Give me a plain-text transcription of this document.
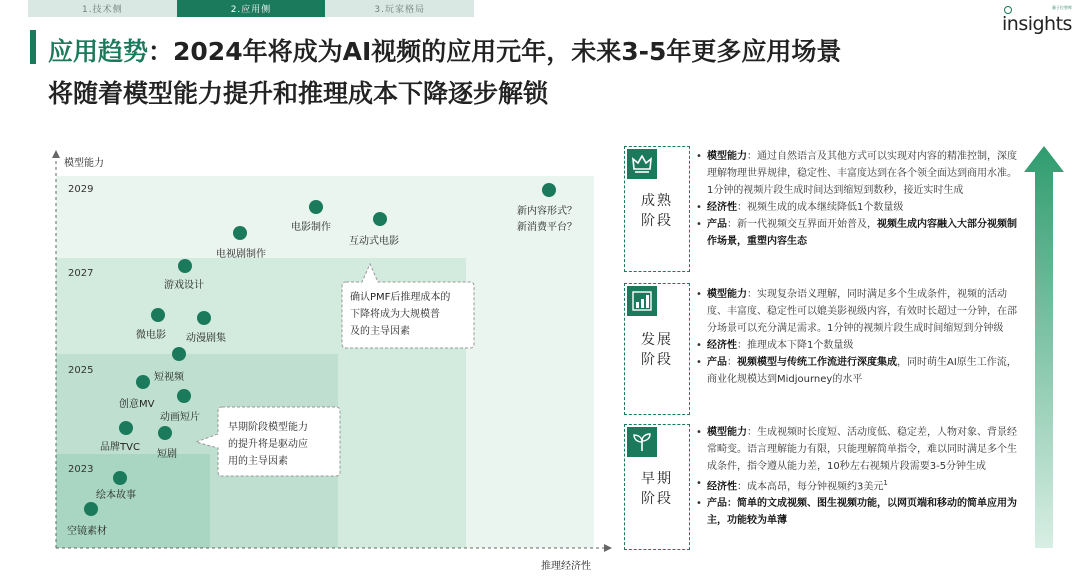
1.技术侧	2.应用侧	3.玩家格局	量子位智库
insights
应用趋势：2024年将成为AI视频的应用元年，未来3-5年更多应用场景
将随着模型能力提升和推理成本下降逐步解锁
模型能力
推理经济性
2029
2027
2025
2023
空镜素材
绘本故事
品牌TVC
短剧
创意MV
动画短片
短视频
微电影 动漫剧集
游戏设计
电视剧制作
电影制作
互动式电影
新内容形式？
新消费平台？
早期阶段模型能力
的提升将是驱动应
用的主导因素
确认PMF后推理成本的
下降将成为大规模普
及的主导因素
成熟
阶段

• 模型能力：通过自然语言及其他方式可以实现对内容的精准控制，深度理解物理世界规律，稳定性、丰富度达到在各个领全面达到商用水准。1分钟的视频片段生成时间达到缩短到数秒，接近实时生成

• 经济性：视频生成的成本继续降低1个数量级

• 产品：新一代视频交互界面开始普及，视频生成内容融入大部分视频制作场景，重塑内容生态

发展
阶段

• 模型能力：实现复杂语义理解，同时满足多个生成条件，视频的活动度、丰富度、稳定性可以媲美影视级内容，有效时长超过一分钟，在部分场景可以充分满足需求。1分钟的视频片段生成时间缩短到分钟级

• 经济性：推理成本下降1个数量级

• 产品：视频模型与传统工作流进行深度集成，同时萌生AI原生工作流，商业化规模达到Midjourney的水平

早期
阶段

• 模型能力：生成视频时长度短、活动度低、稳定差，人物对象、背景经常畸变。语言理解能力有限，只能理解简单指令，难以同时满足多个生成条件，指令遵从能力差，10秒左右视频片段需要3-5分钟生成

• 经济性：成本高昂，每分钟视频约3美元$^1$

• 产品：简单的文成视频、图生视频功能，以网页端和移动的简单应用为主，功能较为单薄
